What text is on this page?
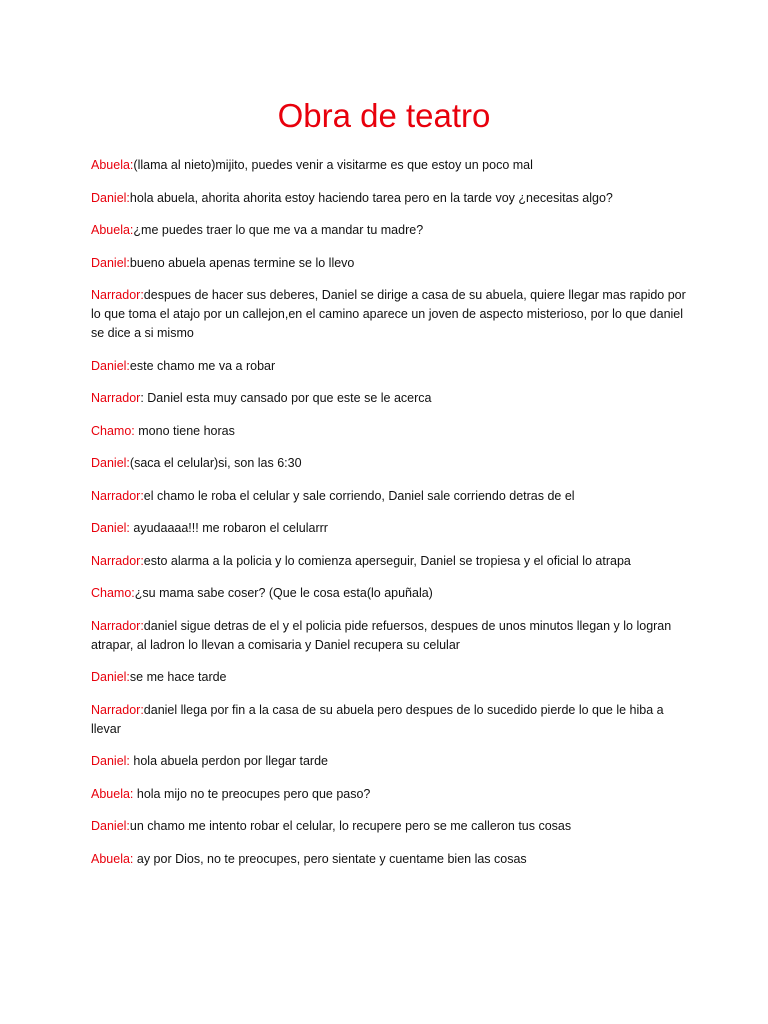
Obra de teatro

Abuela:(llama al nieto)mijito, puedes venir a visitarme es que estoy un poco mal

Daniel:hola abuela, ahorita ahorita estoy haciendo tarea pero en la tarde voy ¿necesitas algo?

Abuela:¿me puedes traer lo que me va a mandar tu madre?

Daniel:bueno abuela apenas termine se lo llevo

Narrador:despues de hacer sus deberes, Daniel se dirige a casa de su abuela, quiere llegar mas rapido por lo que toma el atajo por un callejon,en el camino aparece un joven de aspecto misterioso, por lo que daniel se dice a si mismo

Daniel:este chamo me va a robar

Narrador: Daniel esta muy cansado por que este se le acerca

Chamo: mono tiene horas

Daniel:(saca el celular)si, son las 6:30

Narrador:el chamo le roba el celular y sale corriendo, Daniel sale corriendo detras de el

Daniel: ayudaaaa!!! me robaron el celularrr

Narrador:esto alarma a la policia y lo comienza aperseguir, Daniel se tropiesa y el oficial lo atrapa

Chamo:¿su mama sabe coser? (Que le cosa esta(lo apuñala)

Narrador:daniel sigue detras de el y el policia pide refuersos, despues de unos minutos llegan y lo logran atrapar, al ladron lo llevan a comisaria y Daniel recupera su celular

Daniel:se me hace tarde

Narrador:daniel llega por fin a la casa de su abuela pero despues de lo sucedido pierde lo que le hiba a llevar

Daniel: hola abuela perdon por llegar tarde

Abuela: hola mijo no te preocupes pero que paso?

Daniel:un chamo me intento robar el celular, lo recupere pero se me calleron tus cosas

Abuela: ay por Dios, no te preocupes, pero sientate y cuentame bien las cosas
